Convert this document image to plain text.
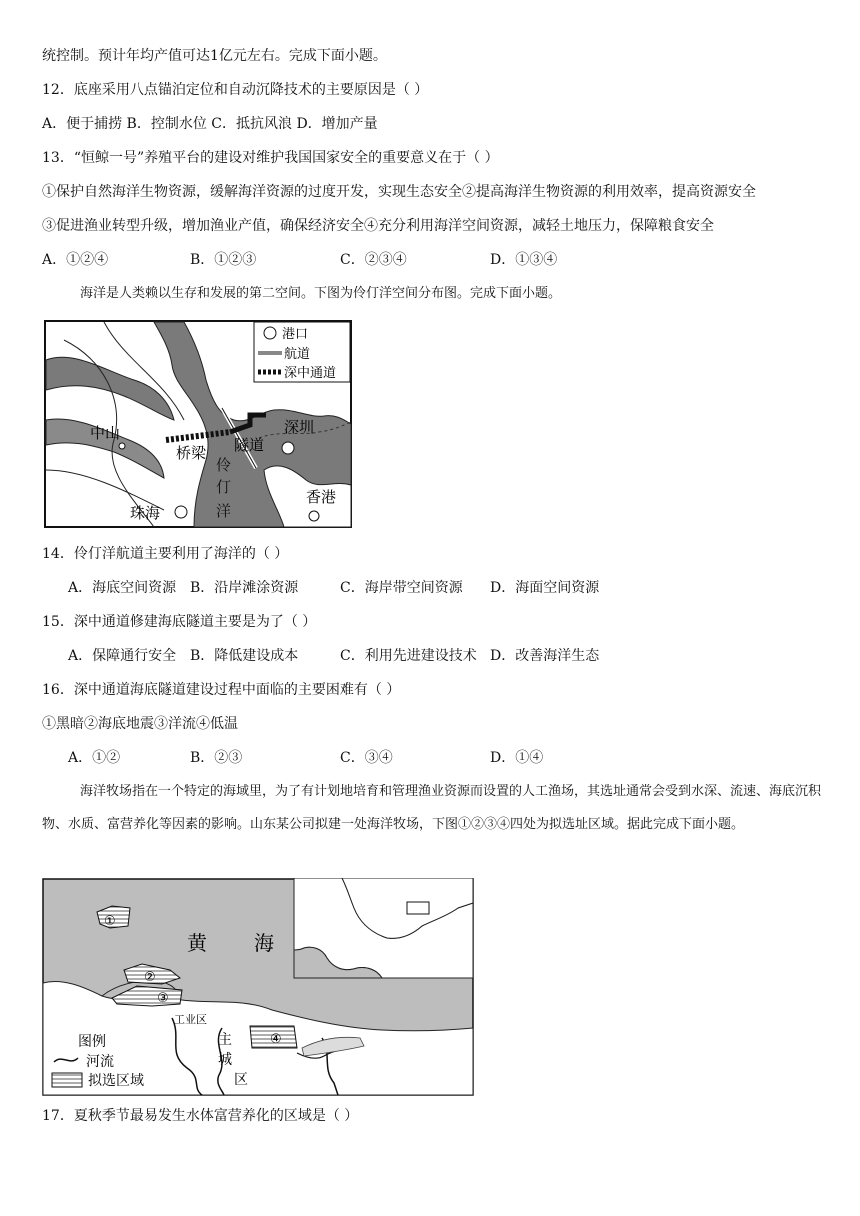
统控制。预计年均产值可达1亿元左右。完成下面小题。
12．底座采用八点锚泊定位和自动沉降技术的主要原因是（ ）
A．便于捕捞 B．控制水位 C．抵抗风浪 D．增加产量
13．“恒鲸一号”养殖平台的建设对维护我国国家安全的重要意义在于（ ）
①保护自然海洋生物资源，缓解海洋资源的过度开发，实现生态安全②提高海洋生物资源的利用效率，提高资源安全
③促进渔业转型升级，增加渔业产值，确保经济安全④充分利用海洋空间资源，减轻土地压力，保障粮食安全
A．①②④	B．①②③	C．②③④	D．①③④
海洋是人类赖以生存和发展的第二空间。下图为伶仃洋空间分布图。完成下面小题。
港口
航道
深中通道
中山	深圳
桥梁 隧道
伶
仃
洋
珠海
香港
14．伶仃洋航道主要利用了海洋的（ ）
A．海底空间资源 B．沿岸滩涂资源	C．海岸带空间资源 D．海面空间资源
15．深中通道修建海底隧道主要是为了（ ）
A．保障通行安全 B．降低建设成本	C．利用先进建设技术 D．改善海洋生态
16．深中通道海底隧道建设过程中面临的主要困难有（ ）
①黑暗②海底地震③洋流④低温
A．①②	B．②③	C．③④	D．①④
海洋牧场指在一个特定的海域里，为了有计划地培育和管理渔业资源而设置的人工渔场，其选址通常会受到水深、流速、海底沉积物、水质、富营养化等因素的影响。山东某公司拟建一处海洋牧场，下图①②③④四处为拟选址区域。据此完成下面小题。
①
②
③
④
黄 海
工业区
主
城
区
图例
河流
拟选区域
17．夏秋季节最易发生水体富营养化的区域是（ ）
